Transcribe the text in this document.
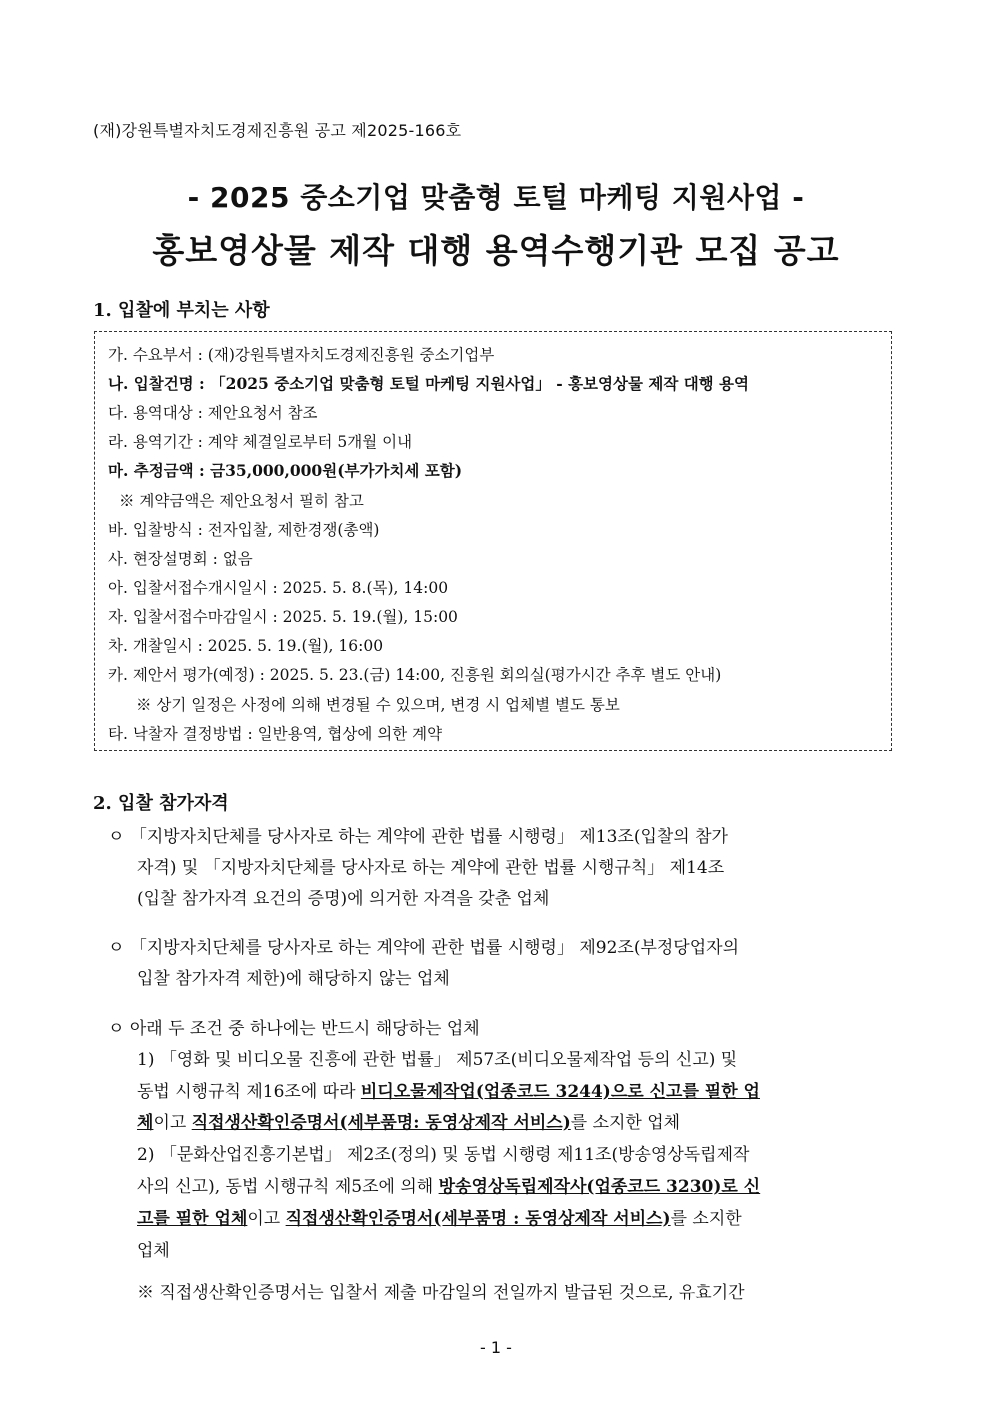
(재)강원특별자치도경제진흥원 공고 제2025-166호
- 2025 중소기업 맞춤형 토털 마케팅 지원사업 -
홍보영상물 제작 대행 용역수행기관 모집 공고
1. 입찰에 부치는 사항
가. 수요부서 : (재)강원특별자치도경제진흥원 중소기업부
나. 입찰건명 : 「2025 중소기업 맞춤형 토털 마케팅 지원사업」 - 홍보영상물 제작 대행 용역
다. 용역대상 : 제안요청서 참조
라. 용역기간 : 계약 체결일로부터 5개월 이내
마. 추정금액 : 금35,000,000원(부가가치세 포함)
※ 계약금액은 제안요청서 필히 참고
바. 입찰방식 : 전자입찰, 제한경쟁(총액)
사. 현장설명회 : 없음
아. 입찰서접수개시일시 : 2025. 5. 8.(목), 14:00
자. 입찰서접수마감일시 : 2025. 5. 19.(월), 15:00
차. 개찰일시 : 2025. 5. 19.(월), 16:00
카. 제안서 평가(예정) : 2025. 5. 23.(금) 14:00, 진흥원 회의실(평가시간 추후 별도 안내)
※ 상기 일정은 사정에 의해 변경될 수 있으며, 변경 시 업체별 별도 통보
타. 낙찰자 결정방법 : 일반용역, 협상에 의한 계약
2. 입찰 참가자격
ㅇ 「지방자치단체를 당사자로 하는 계약에 관한 법률 시행령」 제13조(입찰의 참가
자격) 및 「지방자치단체를 당사자로 하는 계약에 관한 법률 시행규칙」 제14조
(입찰 참가자격 요건의 증명)에 의거한 자격을 갖춘 업체
ㅇ 「지방자치단체를 당사자로 하는 계약에 관한 법률 시행령」 제92조(부정당업자의
입찰 참가자격 제한)에 해당하지 않는 업체
ㅇ 아래 두 조건 중 하나에는 반드시 해당하는 업체
1) 「영화 및 비디오물 진흥에 관한 법률」 제57조(비디오물제작업 등의 신고) 및
동법 시행규칙 제16조에 따라 비디오물제작업(업종코드 3244)으로 신고를 필한 업
체이고 직접생산확인증명서(세부품명: 동영상제작 서비스)를 소지한 업체
2) 「문화산업진흥기본법」 제2조(정의) 및 동법 시행령 제11조(방송영상독립제작
사의 신고), 동법 시행규칙 제5조에 의해 방송영상독립제작사(업종코드 3230)로 신
고를 필한 업체이고 직접생산확인증명서(세부품명 : 동영상제작 서비스)를 소지한
업체
※ 직접생산확인증명서는 입찰서 제출 마감일의 전일까지 발급된 것으로, 유효기간
- 1 -
